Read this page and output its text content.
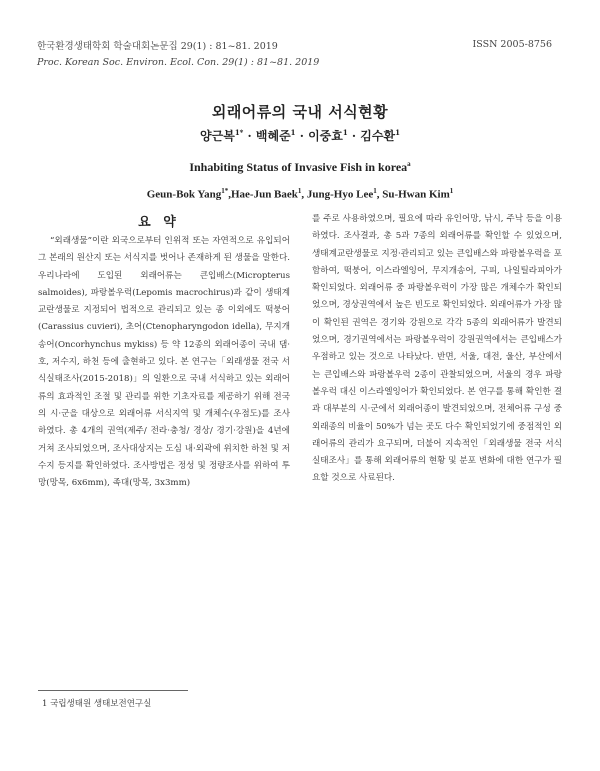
한국환경생태학회 학술대회논문집 29(1) : 81~81. 2019
Proc. Korean Soc. Environ. Ecol. Con. 29(1) : 81~81. 2019
ISSN 2005-8756
외래어류의 국내 서식현황
양근복$^{1*}$ · 백혜준$^1$ · 이중효$^1$ · 김수환$^1$
Inhabiting Status of Invasive Fish in korea$^a$
Geun-Bok Yang$^{1*}$,Hae-Jun Baek$^1$, Jung-Hyo Lee$^1$, Su-Hwan Kim$^1$
요 약
“외래생물”이란 외국으로부터 인위적 또는 자연적으로 유입되어 그 본래의 원산지 또는 서식지를 벗어나 존재하게 된 생물을 말한다. 우리나라에 도입된 외래어류는 큰입배스(Micropterus salmoides), 파랑볼우럭(Lepomis macrochirus)과 같이 생태계교란생물로 지정되어 법적으로 관리되고 있는 종 이외에도 떡붕어(Carassius cuvieri), 초어(Ctenopharyngodon idella), 무지개송어(Oncorhynchus mykiss) 등 약 12종의 외래어종이 국내 댐·호, 저수지, 하천 등에 출현하고 있다. 본 연구는「외래생물 전국 서식실태조사(2015-2018)」의 일환으로 국내 서식하고 있는 외래어류의 효과적인 조절 및 관리를 위한 기초자료를 제공하기 위해 전국의 시·군을 대상으로 외래어류 서식지역 및 개체수(우점도)를 조사하였다. 총 4개의 권역(제주/ 전라·충청/ 경상/ 경기·강원)을 4년에 거쳐 조사되었으며, 조사대상지는 도심 내·외곽에 위치한 하천 및 저수지 등지를 확인하였다. 조사방법은 정성 및 정량조사를 위하여 투망(망목, 6x6mm), 족대(망목, 3x3mm)
를 주로 사용하였으며, 필요에 따라 유인어망, 낚시, 주낙 등을 이용하였다. 조사결과, 총 5과 7종의 외래어류를 확인할 수 있었으며, 생태계교란생물로 지정·관리되고 있는 큰입배스와 파랑볼우럭을 포함하여, 떡붕어, 이스라엘잉어, 무지개송어, 구피, 나일틸라피아가 확인되었다. 외래어류 중 파랑볼우럭이 가장 많은 개체수가 확인되었으며, 경상권역에서 높은 빈도로 확인되었다. 외래어류가 가장 많이 확인된 권역은 경기와 강원으로 각각 5종의 외래어류가 발견되었으며, 경기권역에서는 파랑볼우럭이 강원권역에서는 큰입배스가 우점하고 있는 것으로 나타났다. 반면, 서울, 대전, 울산, 부산에서는 큰입배스와 파랑볼우럭 2종이 관찰되었으며, 서울의 경우 파랑볼우럭 대신 이스라엘잉어가 확인되었다. 본 연구를 통해 확인한 결과 대부분의 시·군에서 외래어종이 발견되었으며, 전체어류 구성 중 외래종의 비율이 50%가 넘는 곳도 다수 확인되었기에 중점적인 외래어류의 관리가 요구되며, 더불어 지속적인「외래생물 전국 서식실태조사」를 통해 외래어류의 현황 및 분포 변화에 대한 연구가 필요할 것으로 사료된다.
1 국립생태원 생태보전연구실
